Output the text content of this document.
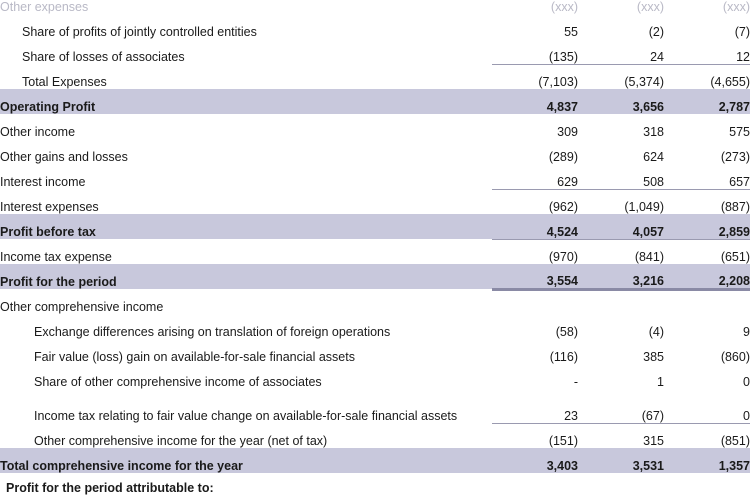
Other expenses	(xxx)	(xxx)	(xxx)
Share of profits of jointly controlled entities	55	(2)	(7)
Share of losses of associates	(135)	24	12
Total Expenses	(7,103)	(5,374)	(4,655)
Operating Profit	4,837	3,656	2,787
Other income	309	318	575
Other gains and losses	(289)	624	(273)
Interest income	629	508	657
Interest expenses	(962)	(1,049)	(887)
Profit before tax	4,524	4,057	2,859
Income tax expense	(970)	(841)	(651)
Profit for the period	3,554	3,216	2,208
Other comprehensive income			
Exchange differences arising on translation of foreign operations	(58)	(4)	9
Fair value (loss) gain on available-for-sale financial assets	(116)	385	(860)
Share of other comprehensive income of associates	-	1	0
Income tax relating to fair value change on available-for-sale financial assets	23	(67)	0
Other comprehensive income for the year (net of tax)	(151)	315	(851)
Total comprehensive income for the year	3,403	3,531	1,357
Profit for the period attributable to:
